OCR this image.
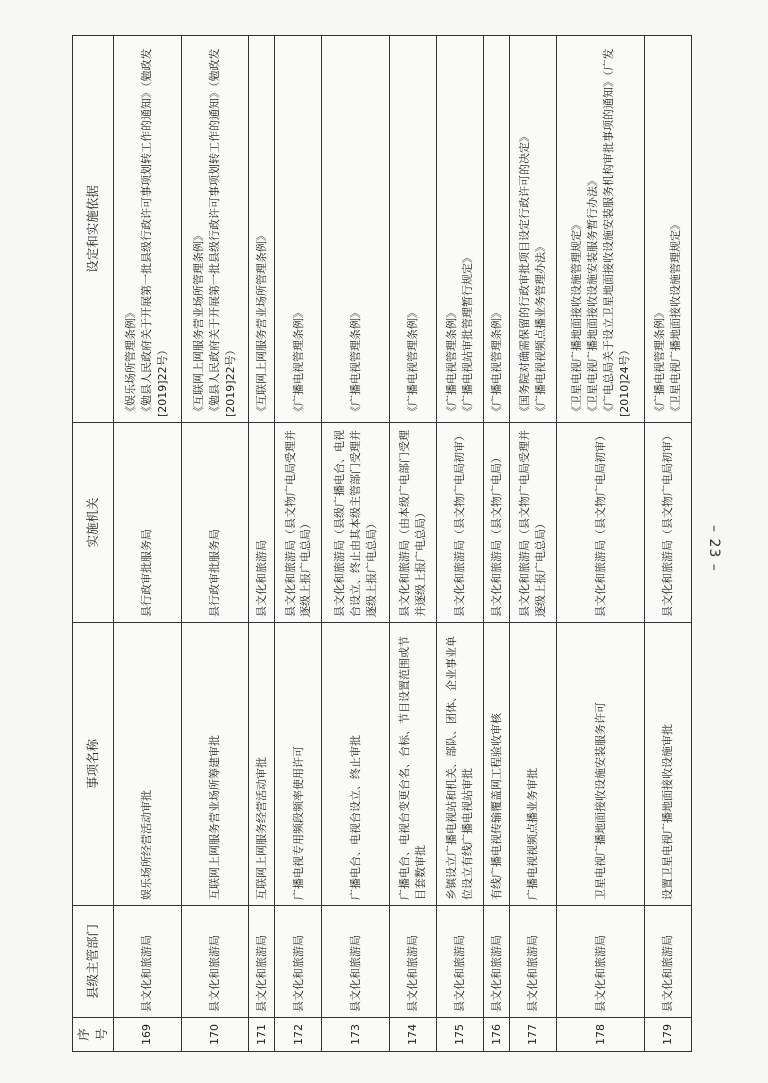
序号	县级主管部门	事项名称	实施机关	设定和实施依据
169	县文化和旅游局	娱乐场所经营活动审批	县行政审批服务局	《娱乐场所管理条例》 《勉县人民政府关于开展第一批县级行政许可事项划转工作的通知》（勉政发[2019]22号）

170	县文化和旅游局	互联网上网服务营业场所筹建审批	县行政审批服务局	《互联网上网服务营业场所管理条例》 《勉县人民政府关于开展第一批县级行政许可事项划转工作的通知》（勉政发[2019]22号）

171	县文化和旅游局	互联网上网服务经营活动审批	县文化和旅游局	《互联网上网服务营业场所管理条例》

172	县文化和旅游局	广播电视专用频段频率使用许可	县文化和旅游局（县文物广电局受理并逐级上报广电总局）	《广播电视管理条例》

173	县文化和旅游局	广播电台、电视台设立、终止审批	县文化和旅游局（县级广播电台、电视台设立、终止由其本级主管部门受理并逐级上报广电总局）	《广播电视管理条例》

174	县文化和旅游局	广播电台、电视台变更台名、台标、节目设置范围或节目套数审批	县文化和旅游局（由本级广电部门受理并逐级上报广电总局）	《广播电视管理条例》

175	县文化和旅游局	乡镇设立广播电视站和机关、部队、团体、企业事业单位设立有线广播电视站审批	县文化和旅游局（县文物广电局初审）	《广播电视管理条例》 《广播电视站审批管理暂行规定》

176	县文化和旅游局	有线广播电视传输覆盖网工程验收审核	县文化和旅游局（县文物广电局）	《广播电视管理条例》

177	县文化和旅游局	广播电视视频点播业务审批	县文化和旅游局（县文物广电局受理并逐级上报广电总局）	《国务院对确需保留的行政审批项目设定行政许可的决定》 《广播电视视频点播业务管理办法》

178	县文化和旅游局	卫星电视广播地面接收设施安装服务许可	县文化和旅游局（县文物广电局初审）	《卫星电视广播地面接收设施管理规定》 《卫星电视广播地面接收设施安装服务暂行办法》 《广电总局关于设立卫星地面接收设施安装服务机构审批事项的通知》（广发[2010]24号）

179	县文化和旅游局	设置卫星电视广播地面接收设施审批	县文化和旅游局（县文物广电局初审）	《广播电视管理条例》 《卫星电视广播地面接收设施管理规定》
– 23 –
